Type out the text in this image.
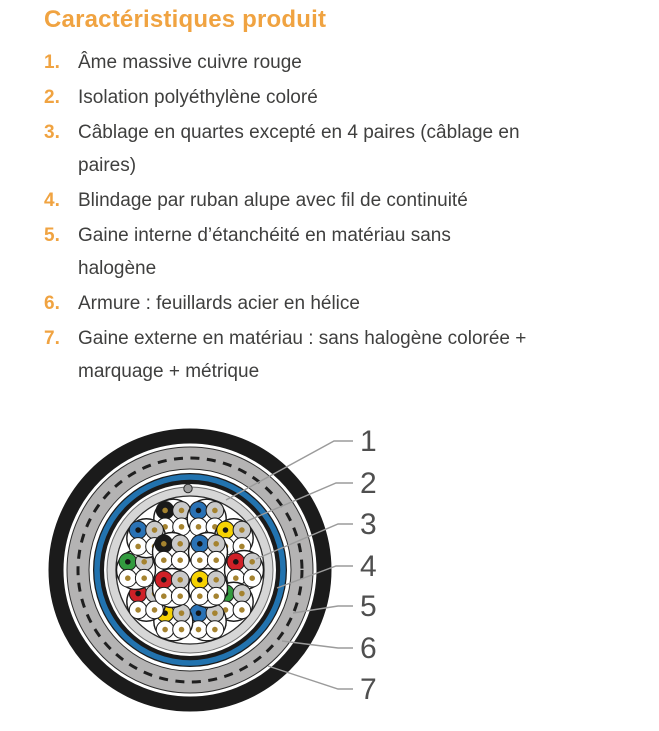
Caractéristiques produit
1. Âme massive cuivre rouge
2. Isolation polyéthylène coloré
3. Câblage en quartes excepté en 4 paires (câblage en
paires)
4. Blindage par ruban alupe avec fil de continuité
5. Gaine interne d’étanchéité en matériau sans
halogène
6. Armure : feuillards acier en hélice
7. Gaine externe en matériau : sans halogène colorée +
marquage + métrique
1
2
3
4
5
6
7
